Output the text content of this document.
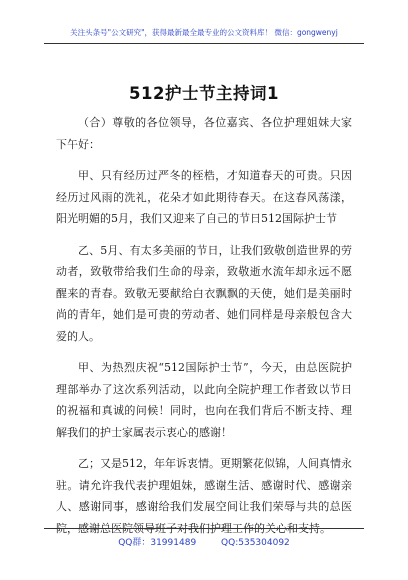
关注头条号"公文研究"，获得最新最全最专业的公文资料库！ 微信：gongwenyj
512护士节主持词1

（合）尊敬的各位领导，各位嘉宾、各位护理姐妹大家下午好：

甲、只有经历过严冬的桎梏，才知道春天的可贵。只因经历过风雨的洗礼，花朵才如此期待春天。在这春风荡漾，阳光明媚的5月，我们又迎来了自己的节日512国际护士节

乙、5月、有太多美丽的节日，让我们致敬创造世界的劳动者，致敬带给我们生命的母亲，致敬逝水流年却永远不愿醒来的青春。致敬无要献给白衣飘飘的天使，她们是美丽时尚的青年，她们是可贵的劳动者、她们同样是母亲般包含大爱的人。

甲、为热烈庆祝“512国际护士节”，今天，由总医院护理部举办了这次系列活动，以此向全院护理工作者致以节日的祝福和真诚的问候！同时，也向在我们背后不断支持、理解我们的护士家属表示衷心的感谢！

乙；又是512，年年诉衷情。更期繁花似锦，人间真情永驻。请允许我代表护理姐妹，感谢生活、感谢时代、感谢亲人、感谢同事，感谢给我们发展空间让我们荣辱与共的总医院，感谢总医院领导班子对我们护理工作的关心和支持。

QQ群：31991489	QQ:535304092
